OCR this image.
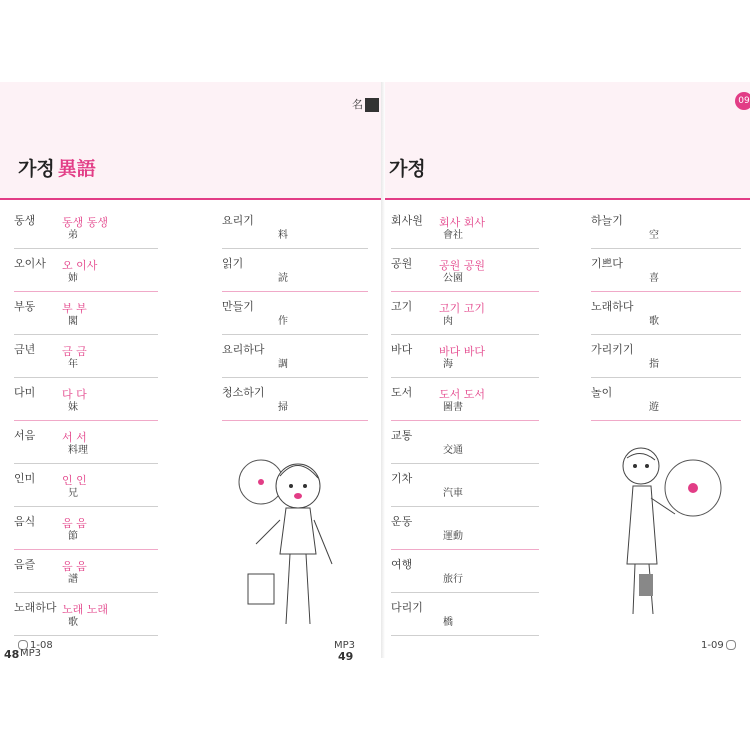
名
가정 異語
동생	동생 동생
弟
오이사	오 이사
姉
부동	부 부
閣
금년	금 금
年
다미	다 다
妹
서음	서 서
料理
인미	인 인
兄
음식	음 음
節
음즐	음 음
譜
노래하다 노래 노래
歌
요리기
料
읽기
読
만들기
作
요리하다
調
청소하기
掃
1-08
48 MP3
09
가정
회사원	회사 회사
會社
공원	공원 공원
公園
고기	고기 고기
肉
바다	바다 바다
海
도서	도서 도서
圖書
교통
交通
기차
汽車
운동
運動
여행
旅行
다리기
橋
하늘기
空
기쁘다
喜
노래하다
歌
가리키기
指
놀이
遊
1-09
MP3
49
